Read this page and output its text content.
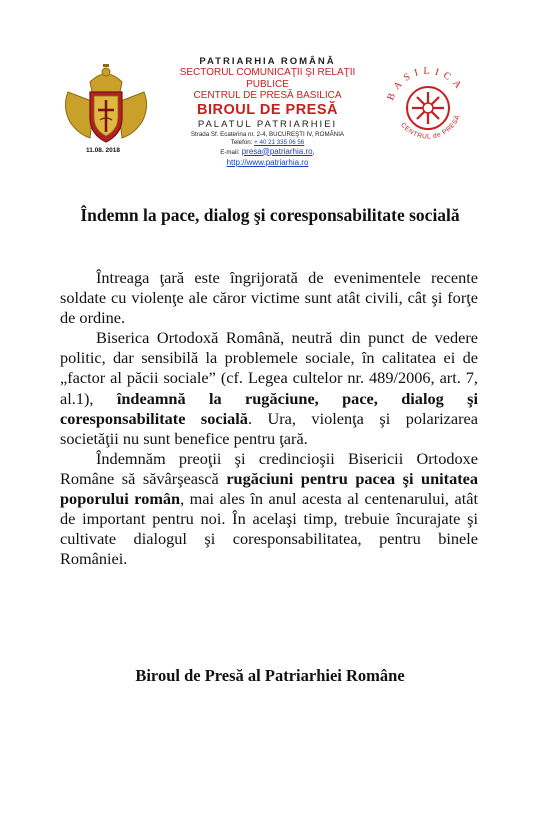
11.08. 2018
PATRIARHIA ROMÂNĂ
SECTORUL COMUNICAŢII ŞI RELAŢII
PUBLICE
CENTRUL DE PRESĂ BASILICA
BIROUL DE PRESĂ
PALATUL PATRIARHIEI
Strada Sf. Ecaterina nr. 2-4, BUCUREŞTI IV, ROMÂNIA
Telefon: + 40 21 335 06 56
E-mail: presa@patriarhia.ro,
http://www.patriarhia.ro
BASILICA
CENTRUL de PRESĂ
Îndemn la pace, dialog şi coresponsabilitate socială

Întreaga ţară este îngrijorată de evenimentele recente soldate cu violenţe ale căror victime sunt atât civili, cât şi forţe de ordine.

Biserica Ortodoxă Română, neutră din punct de vedere politic, dar sensibilă la problemele sociale, în calitatea ei de „factor al păcii sociale” (cf. Legea cultelor nr. 489/2006, art. 7, al.1), îndeamnă la rugăciune, pace, dialog şi coresponsabilitate socială. Ura, violenţa şi polarizarea societăţii nu sunt benefice pentru ţară.

Îndemnăm preoţii şi credincioşii Bisericii Ortodoxe Române să săvârşească rugăciuni pentru pacea şi unitatea poporului român, mai ales în anul acesta al centenarului, atât de important pentru noi. În acelaşi timp, trebuie încurajate şi cultivate dialogul şi coresponsabilitatea, pentru binele României.

Biroul de Presă al Patriarhiei Române
